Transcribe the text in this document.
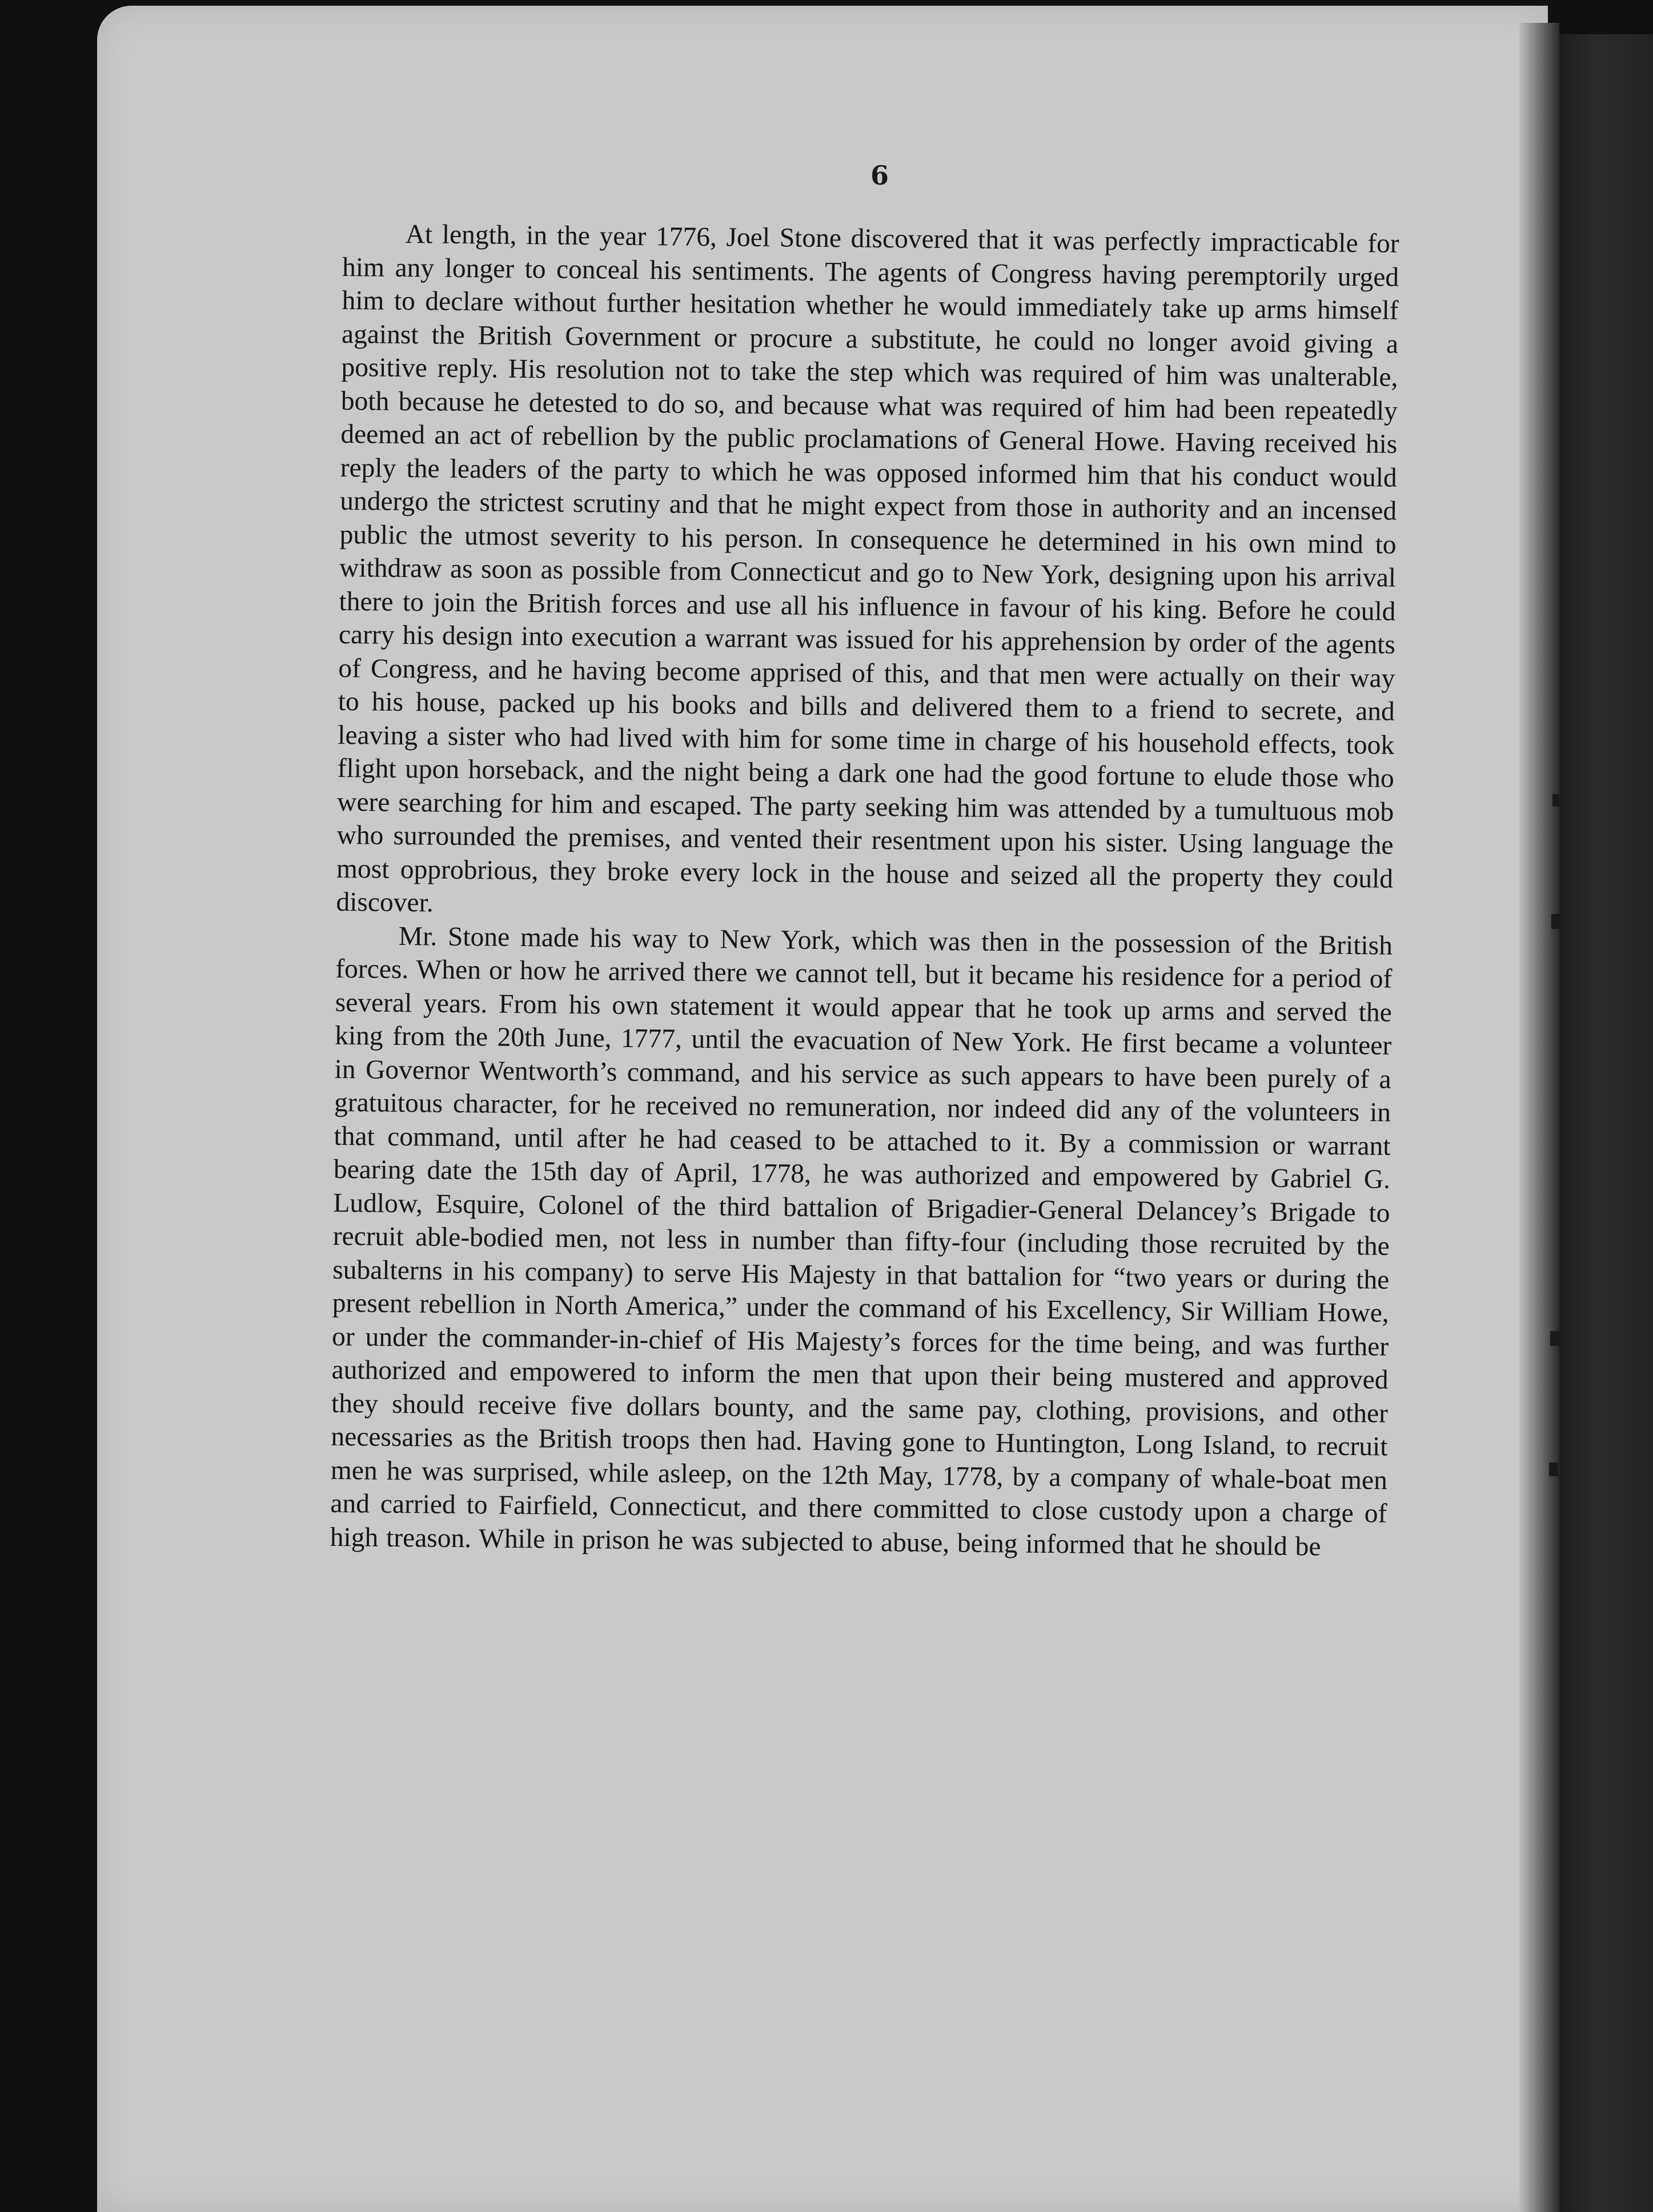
6

At length, in the year 1776, Joel Stone discovered that it was perfectly impracticable for him any longer to conceal his sentiments. The agents of Congress having peremptorily urged him to declare without further hesitation whether he would immediately take up arms himself against the British Government or procure a substitute, he could no longer avoid giving a positive reply. His resolution not to take the step which was required of him was unalterable, both because he detested to do so, and because what was required of him had been repeatedly deemed an act of rebellion by the public proclamations of General Howe. Having received his reply the leaders of the party to which he was opposed informed him that his conduct would undergo the strictest scrutiny and that he might expect from those in authority and an incensed public the utmost severity to his person. In consequence he determined in his own mind to withdraw as soon as possible from Connecticut and go to New York, designing upon his arrival there to join the British forces and use all his influence in favour of his king. Before he could carry his design into execution a warrant was issued for his apprehension by order of the agents of Congress, and he having become apprised of this, and that men were actually on their way to his house, packed up his books and bills and delivered them to a friend to secrete, and leaving a sister who had lived with him for some time in charge of his household effects, took flight upon horseback, and the night being a dark one had the good fortune to elude those who were searching for him and escaped. The party seeking him was attended by a tumultuous mob who surrounded the premises, and vented their resentment upon his sister. Using language the most opprobrious, they broke every lock in the house and seized all the property they could discover.

Mr. Stone made his way to New York, which was then in the possession of the British forces. When or how he arrived there we cannot tell, but it became his residence for a period of several years. From his own statement it would appear that he took up arms and served the king from the 20th June, 1777, until the evacuation of New York. He first became a volunteer in Governor Wentworth’s command, and his service as such appears to have been purely of a gratuitous character, for he received no remuneration, nor indeed did any of the volunteers in that command, until after he had ceased to be attached to it. By a commission or warrant bearing date the 15th day of April, 1778, he was authorized and empowered by Gabriel G. Ludlow, Esquire, Colonel of the third battalion of Brigadier-General Delancey’s Brigade to recruit able-bodied men, not less in number than fifty-four (including those recruited by the subalterns in his company) to serve His Majesty in that battalion for “two years or during the present rebellion in North America,” under the command of his Excellency, Sir William Howe, or under the commander-in-chief of His Majesty’s forces for the time being, and was further authorized and empowered to inform the men that upon their being mustered and approved they should receive five dollars bounty, and the same pay, clothing, provisions, and other necessaries as the British troops then had. Having gone to Huntington, Long Island, to recruit men he was surprised, while asleep, on the 12th May, 1778, by a company of whale-boat men and carried to Fairfield, Connecticut, and there committed to close custody upon a charge of high treason. While in prison he was subjected to abuse, being informed that he should be
